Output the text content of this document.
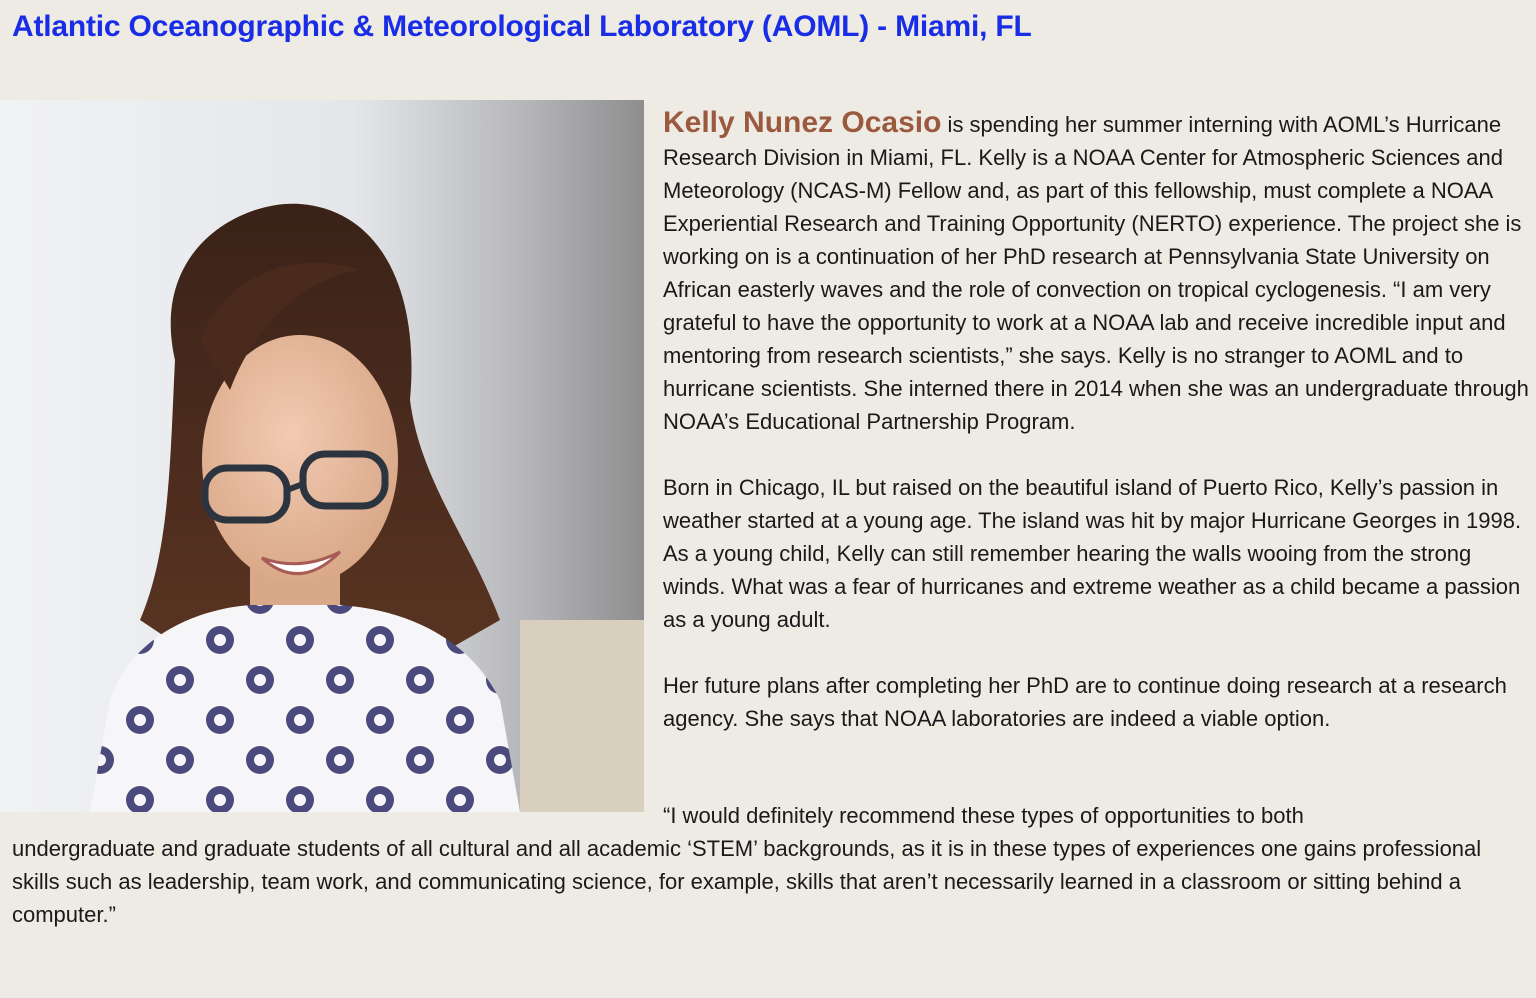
Atlantic Oceanographic & Meteorological Laboratory (AOML) - Miami, FL

Kelly Nunez Ocasio is spending her summer interning with AOML’s Hurricane Research Division in Miami, FL. Kelly is a NOAA Center for Atmospheric Sciences and Meteorology (NCAS-M) Fellow and, as part of this fellowship, must complete a NOAA Experiential Research and Training Opportunity (NERTO) experience. The project she is working on is a continuation of her PhD research at Pennsylvania State University on African easterly waves and the role of convection on tropical cyclogenesis. “I am very grateful to have the opportunity to work at a NOAA lab and receive incredible input and mentoring from research scientists,” she says. Kelly is no stranger to AOML and to hurricane scientists. She interned there in 2014 when she was an undergraduate through NOAA’s Educational Partnership Program.

Born in Chicago, IL but raised on the beautiful island of Puerto Rico, Kelly’s passion in weather started at a young age. The island was hit by major Hurricane Georges in 1998. As a young child, Kelly can still remember hearing the walls wooing from the strong winds. What was a fear of hurricanes and extreme weather as a child became a passion as a young adult.

Her future plans after completing her PhD are to continue doing research at a research agency. She says that NOAA laboratories are indeed a viable option.

“I would definitely recommend these types of opportunities to both
undergraduate and graduate students of all cultural and all academic ‘STEM’ backgrounds, as it is in these types of experiences one gains professional skills such as leadership, team work, and communicating science, for example, skills that aren’t necessarily learned in a classroom or sitting behind a computer.”
